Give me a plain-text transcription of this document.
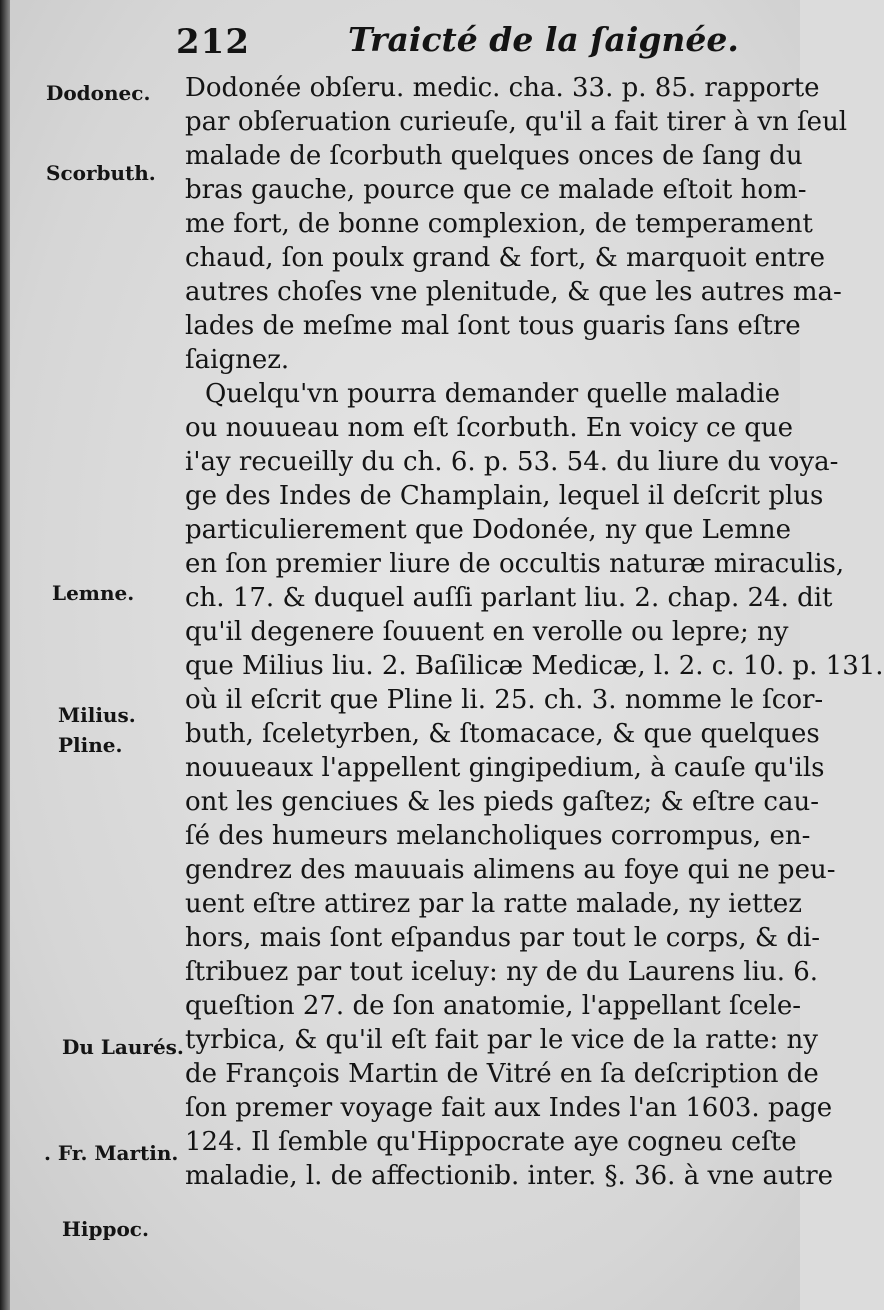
212	Traicté de la ſaignée.
Dodonée obſeru. medic. cha. 33. p. 85. rapporte
par obſeruation curieuſe, qu'il a fait tirer à vn ſeul
malade de ſcorbuth quelques onces de ſang du
bras gauche, pource que ce malade eſtoit hom-
me fort, de bonne complexion, de temperament
chaud, ſon poulx grand & fort, & marquoit entre
autres choſes vne plenitude, & que les autres ma-
lades de meſme mal ſont tous guaris ſans eſtre
ſaignez.
Quelqu'vn pourra demander quelle maladie
ou nouueau nom eſt ſcorbuth. En voicy ce que
i'ay recueilly du ch. 6. p. 53. 54. du liure du voya-
ge des Indes de Champlain, lequel il deſcrit plus
particulierement que Dodonée, ny que Lemne
en ſon premier liure de occultis naturæ miraculis,
ch. 17. & duquel auſſi parlant liu. 2. chap. 24. dit
qu'il degenere ſouuent en verolle ou lepre; ny
que Milius liu. 2. Baſilicæ Medicæ, l. 2. c. 10. p. 131.
où il eſcrit que Pline li. 25. ch. 3. nomme le ſcor-
buth, ſceletyrben, & ſtomacace, & que quelques
nouueaux l'appellent gingipedium, à cauſe qu'ils
ont les genciues & les pieds gaſtez; & eſtre cau-
ſé des humeurs melancholiques corrompus, en-
gendrez des mauuais alimens au foye qui ne peu-
uent eſtre attirez par la ratte malade, ny iettez
hors, mais ſont eſpandus par tout le corps, & di-
ſtribuez par tout iceluy: ny de du Laurens liu. 6.
queſtion 27. de ſon anatomie, l'appellant ſcele-
tyrbica, & qu'il eſt fait par le vice de la ratte: ny
de François Martin de Vitré en ſa deſcription de
ſon premer voyage fait aux Indes l'an 1603. page
124. Il ſemble qu'Hippocrate aye cogneu ceſte
maladie, l. de affectionib. inter. §. 36. à vne autre
Dodonec.
Scorbuth.
Lemne.
Milius.
Pline.
Du Laurés.
. Fr. Martin.
Hippoc.
